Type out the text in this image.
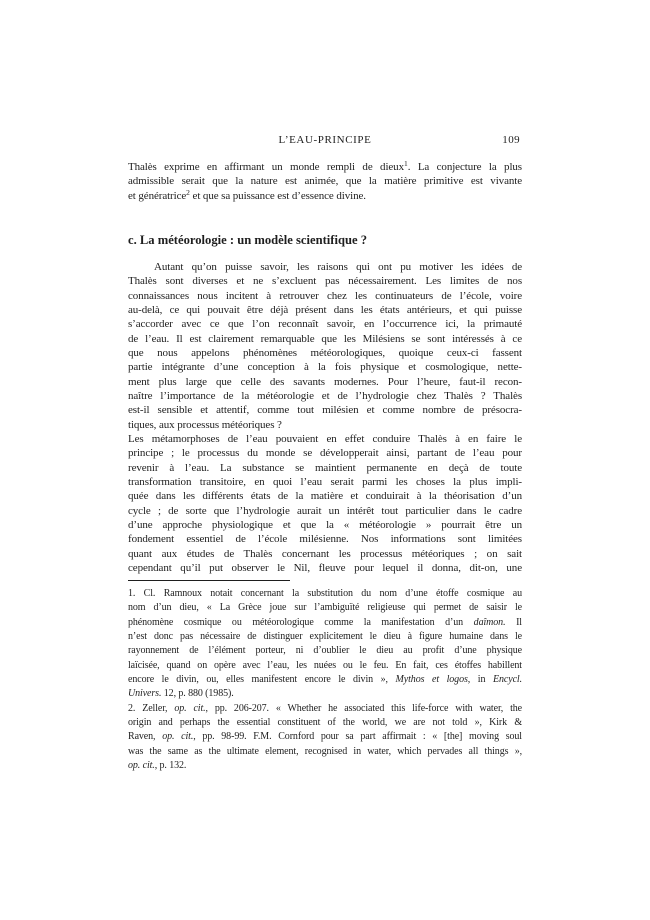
L’EAU-PRINCIPE	109
Thalès exprime en affirmant un monde rempli de dieux$^1$. La conjecture la plus
admissible serait que la nature est animée, que la matière primitive est vivante
et génératrice$^2$ et que sa puissance est d’essence divine.
c. La météorologie : un modèle scientifique ?
Autant qu’on puisse savoir, les raisons qui ont pu motiver les idées de
Thalès sont diverses et ne s’excluent pas nécessairement. Les limites de nos
connaissances nous incitent à retrouver chez les continuateurs de l’école, voire
au-delà, ce qui pouvait être déjà présent dans les états antérieurs, et qui puisse
s’accorder avec ce que l’on reconnaît savoir, en l’occurrence ici, la primauté
de l’eau. Il est clairement remarquable que les Milésiens se sont intéressés à ce
que nous appelons phénomènes météorologiques, quoique ceux-ci fassent
partie intégrante d’une conception à la fois physique et cosmologique, nette-
ment plus large que celle des savants modernes. Pour l’heure, faut-il recon-
naître l’importance de la météorologie et de l’hydrologie chez Thalès ? Thalès
est-il sensible et attentif, comme tout milésien et comme nombre de présocra-
tiques, aux processus météoriques ?
Les métamorphoses de l’eau pouvaient en effet conduire Thalès à en faire le
principe ; le processus du monde se développerait ainsi, partant de l’eau pour
revenir à l’eau. La substance se maintient permanente en deçà de toute
transformation transitoire, en quoi l’eau serait parmi les choses la plus impli-
quée dans les différents états de la matière et conduirait à la théorisation d’un
cycle ; de sorte que l’hydrologie aurait un intérêt tout particulier dans le cadre
d’une approche physiologique et que la « météorologie » pourrait être un
fondement essentiel de l’école milésienne. Nos informations sont limitées
quant aux études de Thalès concernant les processus météoriques ; on sait
cependant qu’il put observer le Nil, fleuve pour lequel il donna, dit-on, une
1. Cl. Ramnoux notait concernant la substitution du nom d’une étoffe cosmique au
nom d’un dieu, « La Grèce joue sur l’ambiguïté religieuse qui permet de saisir le
phénomène cosmique ou météorologique comme la manifestation d’un daîmon. Il
n’est donc pas nécessaire de distinguer explicitement le dieu à figure humaine dans le
rayonnement de l’élément porteur, ni d’oublier le dieu au profit d’une physique
laïcisée, quand on opère avec l’eau, les nuées ou le feu. En fait, ces étoffes habillent
encore le divin, ou, elles manifestent encore le divin », Mythos et logos, in Encycl.
Univers. 12, p. 880 (1985).
2. Zeller, op. cit., pp. 206-207. « Whether he associated this life-force with water, the
origin and perhaps the essential constituent of the world, we are not told », Kirk &
Raven, op. cit., pp. 98-99. F.M. Cornford pour sa part affirmait : « [the] moving soul
was the same as the ultimate element, recognised in water, which pervades all things »,
op. cit., p. 132.
